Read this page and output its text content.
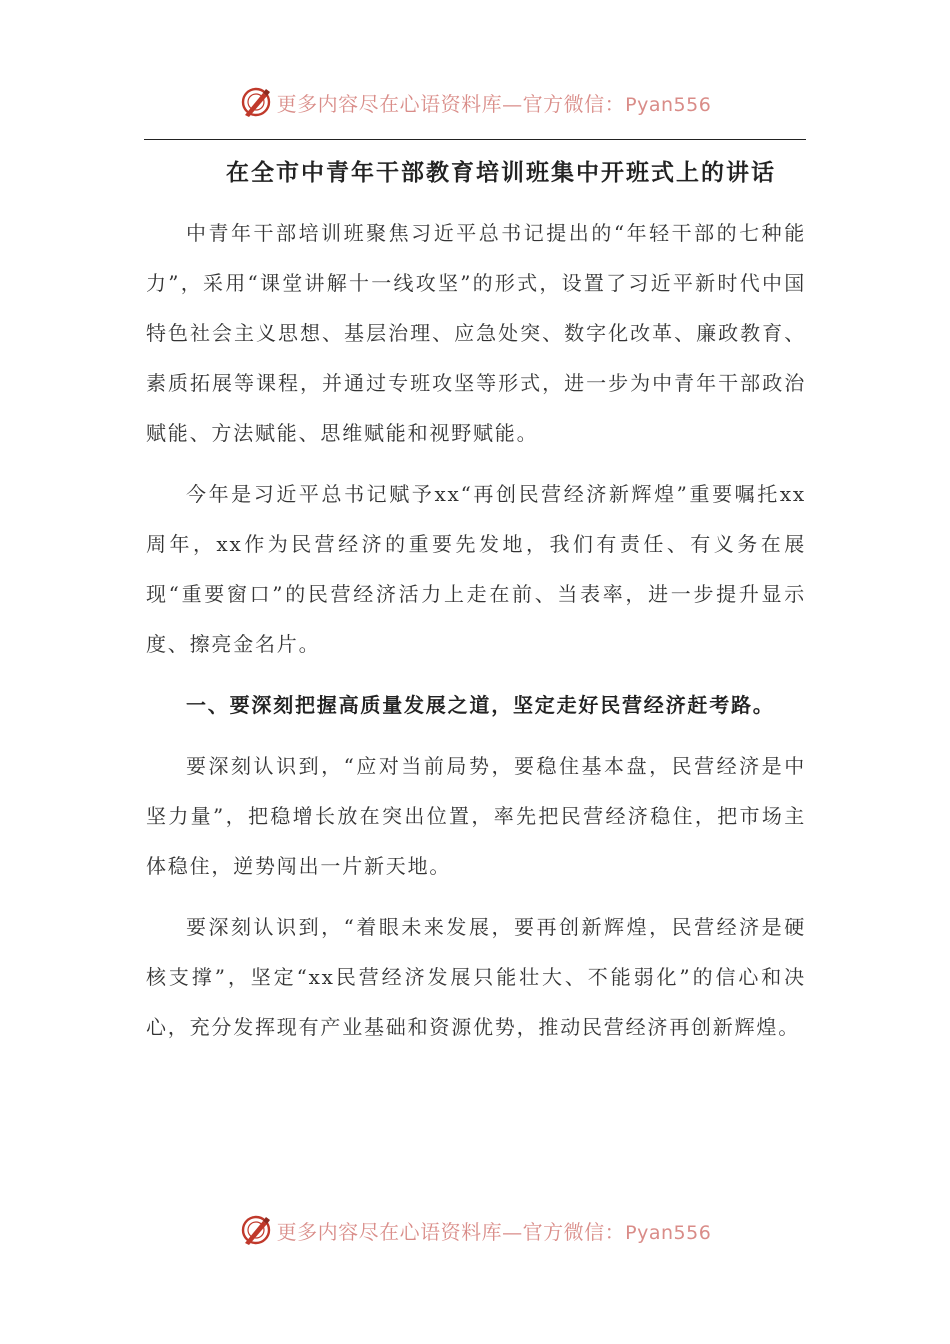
更多内容尽在心语资料库—官方微信：Pyan556
在全市中青年干部教育培训班集中开班式上的讲话

中青年干部培训班聚焦习近平总书记提出的“年轻干部的七种能力”，采用“课堂讲解十一线攻坚”的形式，设置了习近平新时代中国特色社会主义思想、基层治理、应急处突、数字化改革、廉政教育、素质拓展等课程，并通过专班攻坚等形式，进一步为中青年干部政治赋能、方法赋能、思维赋能和视野赋能。

今年是习近平总书记赋予xx“再创民营经济新辉煌”重要嘱托xx周年，xx作为民营经济的重要先发地，我们有责任、有义务在展现“重要窗口”的民营经济活力上走在前、当表率，进一步提升显示度、擦亮金名片。

一、要深刻把握高质量发展之道，坚定走好民营经济赶考路。

要深刻认识到，“应对当前局势，要稳住基本盘，民营经济是中坚力量”，把稳增长放在突出位置，率先把民营经济稳住，把市场主体稳住，逆势闯出一片新天地。

要深刻认识到，“着眼未来发展，要再创新辉煌，民营经济是硬核支撑”，坚定“xx民营经济发展只能壮大、不能弱化”的信心和决心，充分发挥现有产业基础和资源优势，推动民营经济再创新辉煌。

更多内容尽在心语资料库—官方微信：Pyan556
